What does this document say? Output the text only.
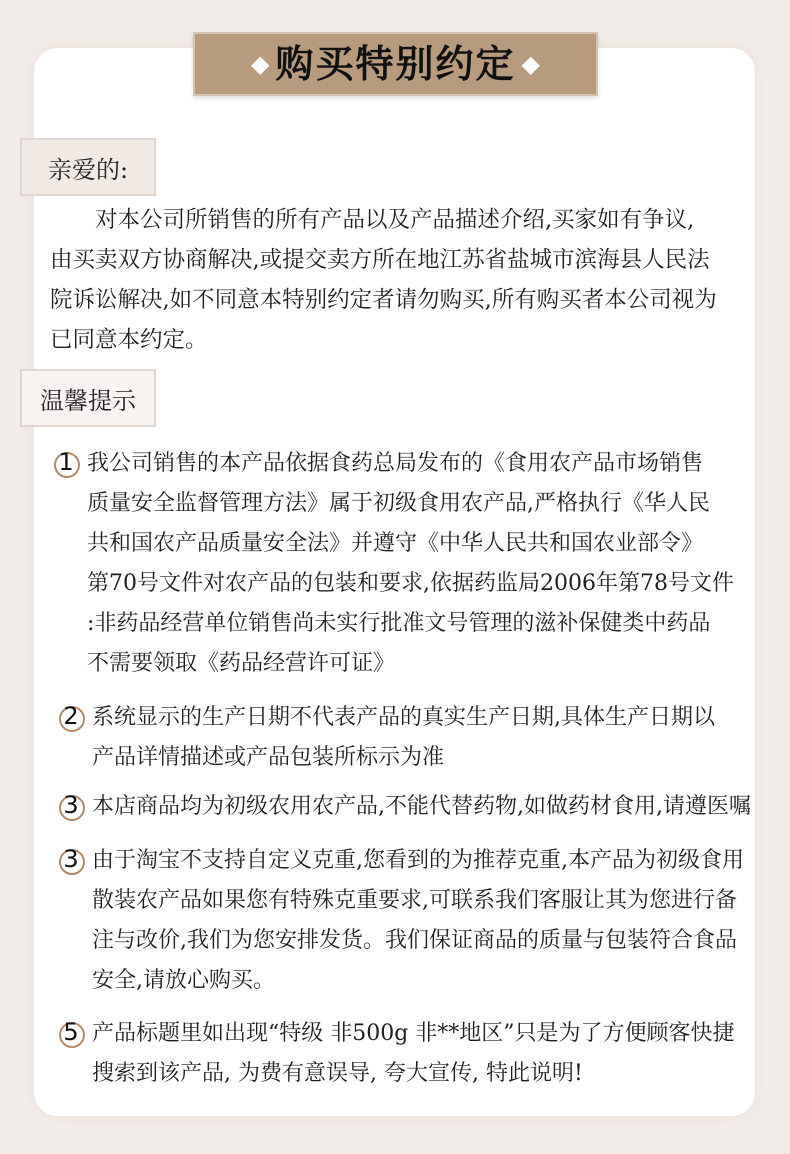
◆ 购买特别约定 ◆
亲爱的:

　　对本公司所销售的所有产品以及产品描述介绍,买家如有争议,
由买卖双方协商解决,或提交卖方所在地江苏省盐城市滨海县人民法
院诉讼解决,如不同意本特别约定者请勿购买,所有购买者本公司视为
已同意本约定。

温馨提示
1 我公司销售的本产品依据食药总局发布的《食用农产品市场销售
质量安全监督管理方法》属于初级食用农产品,严格执行《华人民
共和国农产品质量安全法》并遵守《中华人民共和国农业部令》
第70号文件对农产品的包装和要求,依据药监局2006年第78号文件
:非药品经营单位销售尚未实行批准文号管理的滋补保健类中药品
不需要领取《药品经营许可证》

2 系统显示的生产日期不代表产品的真实生产日期,具体生产日期以
产品详情描述或产品包装所标示为准

3 本店商品均为初级农用农产品,不能代替药物,如做药材食用,请遵医嘱

3 由于淘宝不支持自定义克重,您看到的为推荐克重,本产品为初级食用
散装农产品如果您有特殊克重要求,可联系我们客服让其为您进行备
注与改价,我们为您安排发货。我们保证商品的质量与包装符合食品
安全,请放心购买。

5 产品标题里如出现“特级 非500g 非**地区”只是为了方便顾客快捷
搜索到该产品, 为费有意误导, 夸大宣传, 特此说明!
